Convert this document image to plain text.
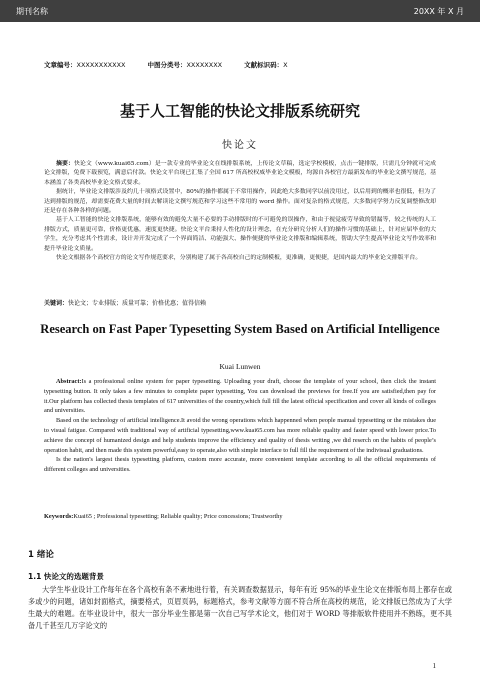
期刊名称	20XX 年 X 月
文章编号：XXXXXXXXXXX	中图分类号：XXXXXXXX	文献标识码：X
基于人工智能的快论文排版系统研究
快论文

摘要：快论文（www.kuai65.com）是一款专业的毕业论文在线排版系统，上传论文草稿，选定学校模板，点击一键排版，只需几分钟就可完成论文排版，免费下载预览，满意后付款。快论文平台现已汇集了全国 617 所高校权威毕业论文模板，均源自各校官方最新发布的毕业论文撰写规范，基本涵盖了各类高校毕业论文格式要求。

据统计，毕业论文排版涉及约几十项格式设置中，80%的操作都属于不常用操作，因此绝大多数同学以前没用过，以后用到的概率也很低，但为了达到排版的规范，却需要花费大量的时间去解读论文撰写规范和学习这些不常用的 word 操作。面对复杂的格式规范，大多数同学努力反复调整修改却还是存在各种各样的问题。

基于人工智能的快论文排版系统，能够有效的避免大量不必要的手动排版时的不可避免的误操作，和由于视觉疲劳导致的错漏等，较之传统的人工排版方式，质量更可靠，价格更优惠，速度更快捷。快论文平台秉持人性化的设计理念，在充分研究分析人们的操作习惯的基础上，针对应届毕业的大学生，充分考虑其个性需求，设计并开发完成了一个界面简洁、功能强大、操作便捷的毕业论文排版和编辑系统，帮助大学生提高毕业论文写作效率和提升毕业论文质量。

快论文根据各个高校官方的论文写作规范要求，分别构建了属于各高校自己的定制模板，更准确，更便捷，是国内最大的毕业论文排版平台。

关键词：快论文；专业排版；质量可靠；价格优惠；值得信赖
Research on Fast Paper Typesetting System Based on Artificial Intelligence
Kuai Lunwen

Abstract:Is a professional online system for paper typesetting. Uploading your draft, choose the template of your school, then click the instant typesetting button. It only takes a few minutes to complete paper typesetting, You can download the previews for free.If you are satisfied,then pay for it.Our platform has collected thesis templates of 617 universities of the country,which full fill the latest official specification and cover all kinds of colleges and universities.

Based on the technology of artificial intelligence.It avoid the wrong operations which happenned when people manual typesetting or the mistakes due to visual fatigue. Compared with traditional way of artificial typesetting,www.kuai65.com has more reliable quality and faster speed with lower price.To achieve the concept of humanized design and help students improve the efficiency and quality of thesis writing ,we did reserch on the habits of people’s operation habit, and then made this system powerful,easy to operate,also with simple interface to full fill the requirement of the indivisual graduations.

Is the nation's largest thesis typesetting platform, custom more accurate, more convenient template according to all the official requirements of different colleges and universities.

Keywords:Kuai65 ; Professional typesetting; Reliable quality; Price concessions; Trustworthy
1 绪论
1.1 快论文的选题背景

大学生毕业设计工作每年在各个高校有条不紊地进行着，有关调查数据显示，每年有近 95%的毕业生论文在排版布局上都存在或多或少的问题，诸如封面格式，摘要格式，页眉页码，标题格式，参考文献等方面不符合所在高校的规范，论文排版已然成为了大学生最大的难题。在毕业设计中，很大一部分毕业生都是第一次自己写学术论文，他们对于 WORD 等排版软件使用并不熟练，更不具备几千甚至几万字论文的

1
